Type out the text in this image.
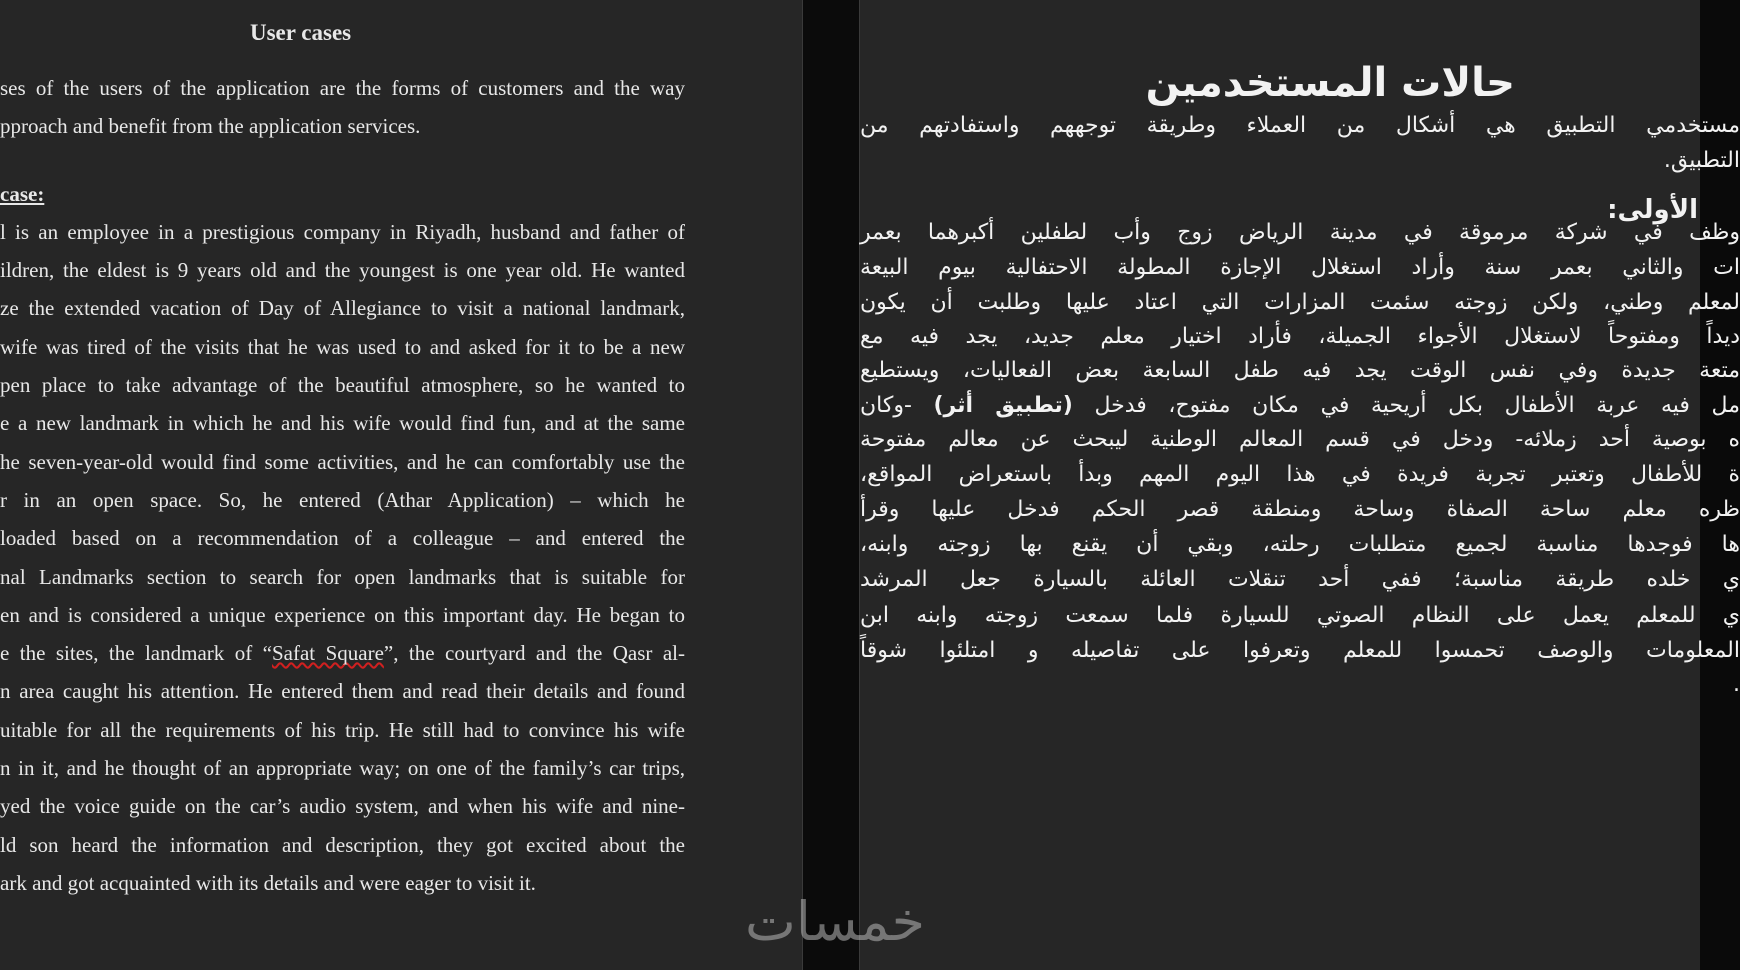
User cases
ses of the users of the application are the forms of customers and the way
pproach and benefit from the application services.
case:
l is an employee in a prestigious company in Riyadh, husband and father of
ildren, the eldest is 9 years old and the youngest is one year old. He wanted
ze the extended vacation of Day of Allegiance to visit a national landmark,
wife was tired of the visits that he was used to and asked for it to be a new
pen place to take advantage of the beautiful atmosphere, so he wanted to
e a new landmark in which he and his wife would find fun, and at the same
he seven-year-old would find some activities, and he can comfortably use the
r in an open space. So, he entered (Athar Application) – which he
loaded based on a recommendation of a colleague – and entered the
nal Landmarks section to search for open landmarks that is suitable for
en and is considered a unique experience on this important day. He began to
e the sites, the landmark of “Safat Square”, the courtyard and the Qasr al-
n area caught his attention. He entered them and read their details and found
uitable for all the requirements of his trip. He still had to convince his wife
n in it, and he thought of an appropriate way; on one of the family’s car trips,
yed the voice guide on the car’s audio system, and when his wife and nine-
ld son heard the information and description, they got excited about the
ark and got acquainted with its details and were eager to visit it.
حالات المستخدمين
مستخدمي التطبيق هي أشكال من العملاء وطريقة توجههم واستفادتهم من
التطبيق.
الأولى:
وظف في شركة مرموقة في مدينة الرياض زوج وأب لطفلين أكبرهما بعمر
ات والثاني بعمر سنة وأراد استغلال الإجازة المطولة الاحتفالية بيوم البيعة
لمعلم وطني، ولكن زوجته سئمت المزارات التي اعتاد عليها وطلبت أن يكون
ديداً ومفتوحاً لاستغلال الأجواء الجميلة، فأراد اختيار معلم جديد، يجد فيه مع
متعة جديدة وفي نفس الوقت يجد فيه طفل السابعة بعض الفعاليات، ويستطيع
مل فيه عربة الأطفال بكل أريحية في مكان مفتوح، فدخل (تطبيق أثر) -وكان
ه بوصية أحد زملائه- ودخل في قسم المعالم الوطنية ليبحث عن معالم مفتوحة
ة للأطفال وتعتبر تجربة فريدة في هذا اليوم المهم وبدأ باستعراض المواقع،
ظره معلم ساحة الصفاة وساحة ومنطقة قصر الحكم فدخل عليها وقرأ
ها فوجدها مناسبة لجميع متطلبات رحلته، وبقي أن يقنع بها زوجته وابنه،
ي خلده طريقة مناسبة؛ ففي أحد تنقلات العائلة بالسيارة جعل المرشد
ي للمعلم يعمل على النظام الصوتي للسيارة فلما سمعت زوجته وابنه ابن
المعلومات والوصف تحمسوا للمعلم وتعرفوا على تفاصيله و امتلئوا شوقاً
.
خمسات
